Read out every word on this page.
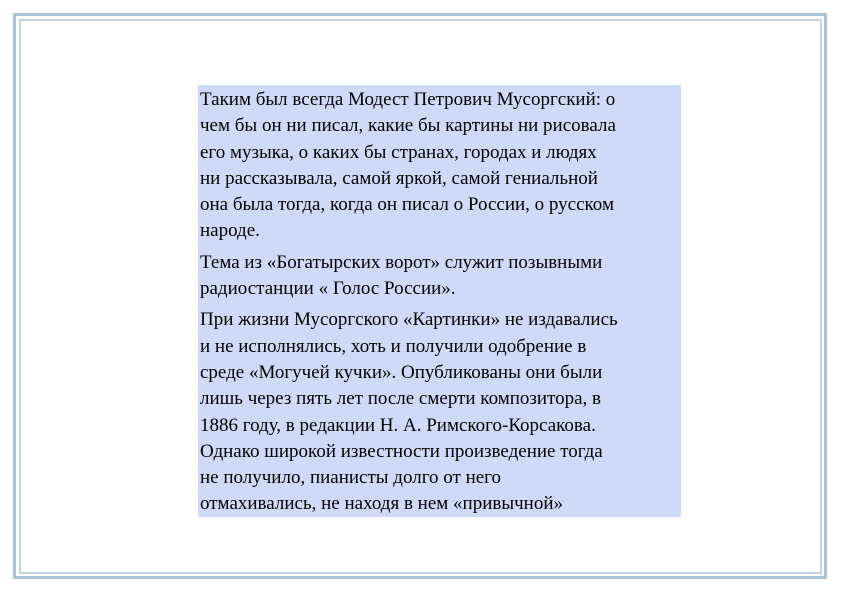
Таким был всегда Модест Петрович Мусоргский: о
чем бы он ни писал, какие бы картины ни рисовала
его музыка, о каких бы странах, городах и людях
ни рассказывала, самой яркой, самой гениальной
она была тогда, когда он писал о России, о русском
народе.

Тема из «Богатырских ворот» служит позывными
радиостанции « Голос России».

При жизни Мусоргского «Картинки» не издавались
и не исполнялись, хоть и получили одобрение в
среде «Могучей кучки». Опубликованы они были
лишь через пять лет после смерти композитора, в
1886 году, в редакции Н. А. Римского-Корсакова.
Однако широкой известности произведение тогда
не получило, пианисты долго от него
отмахивались, не находя в нем «привычной»
